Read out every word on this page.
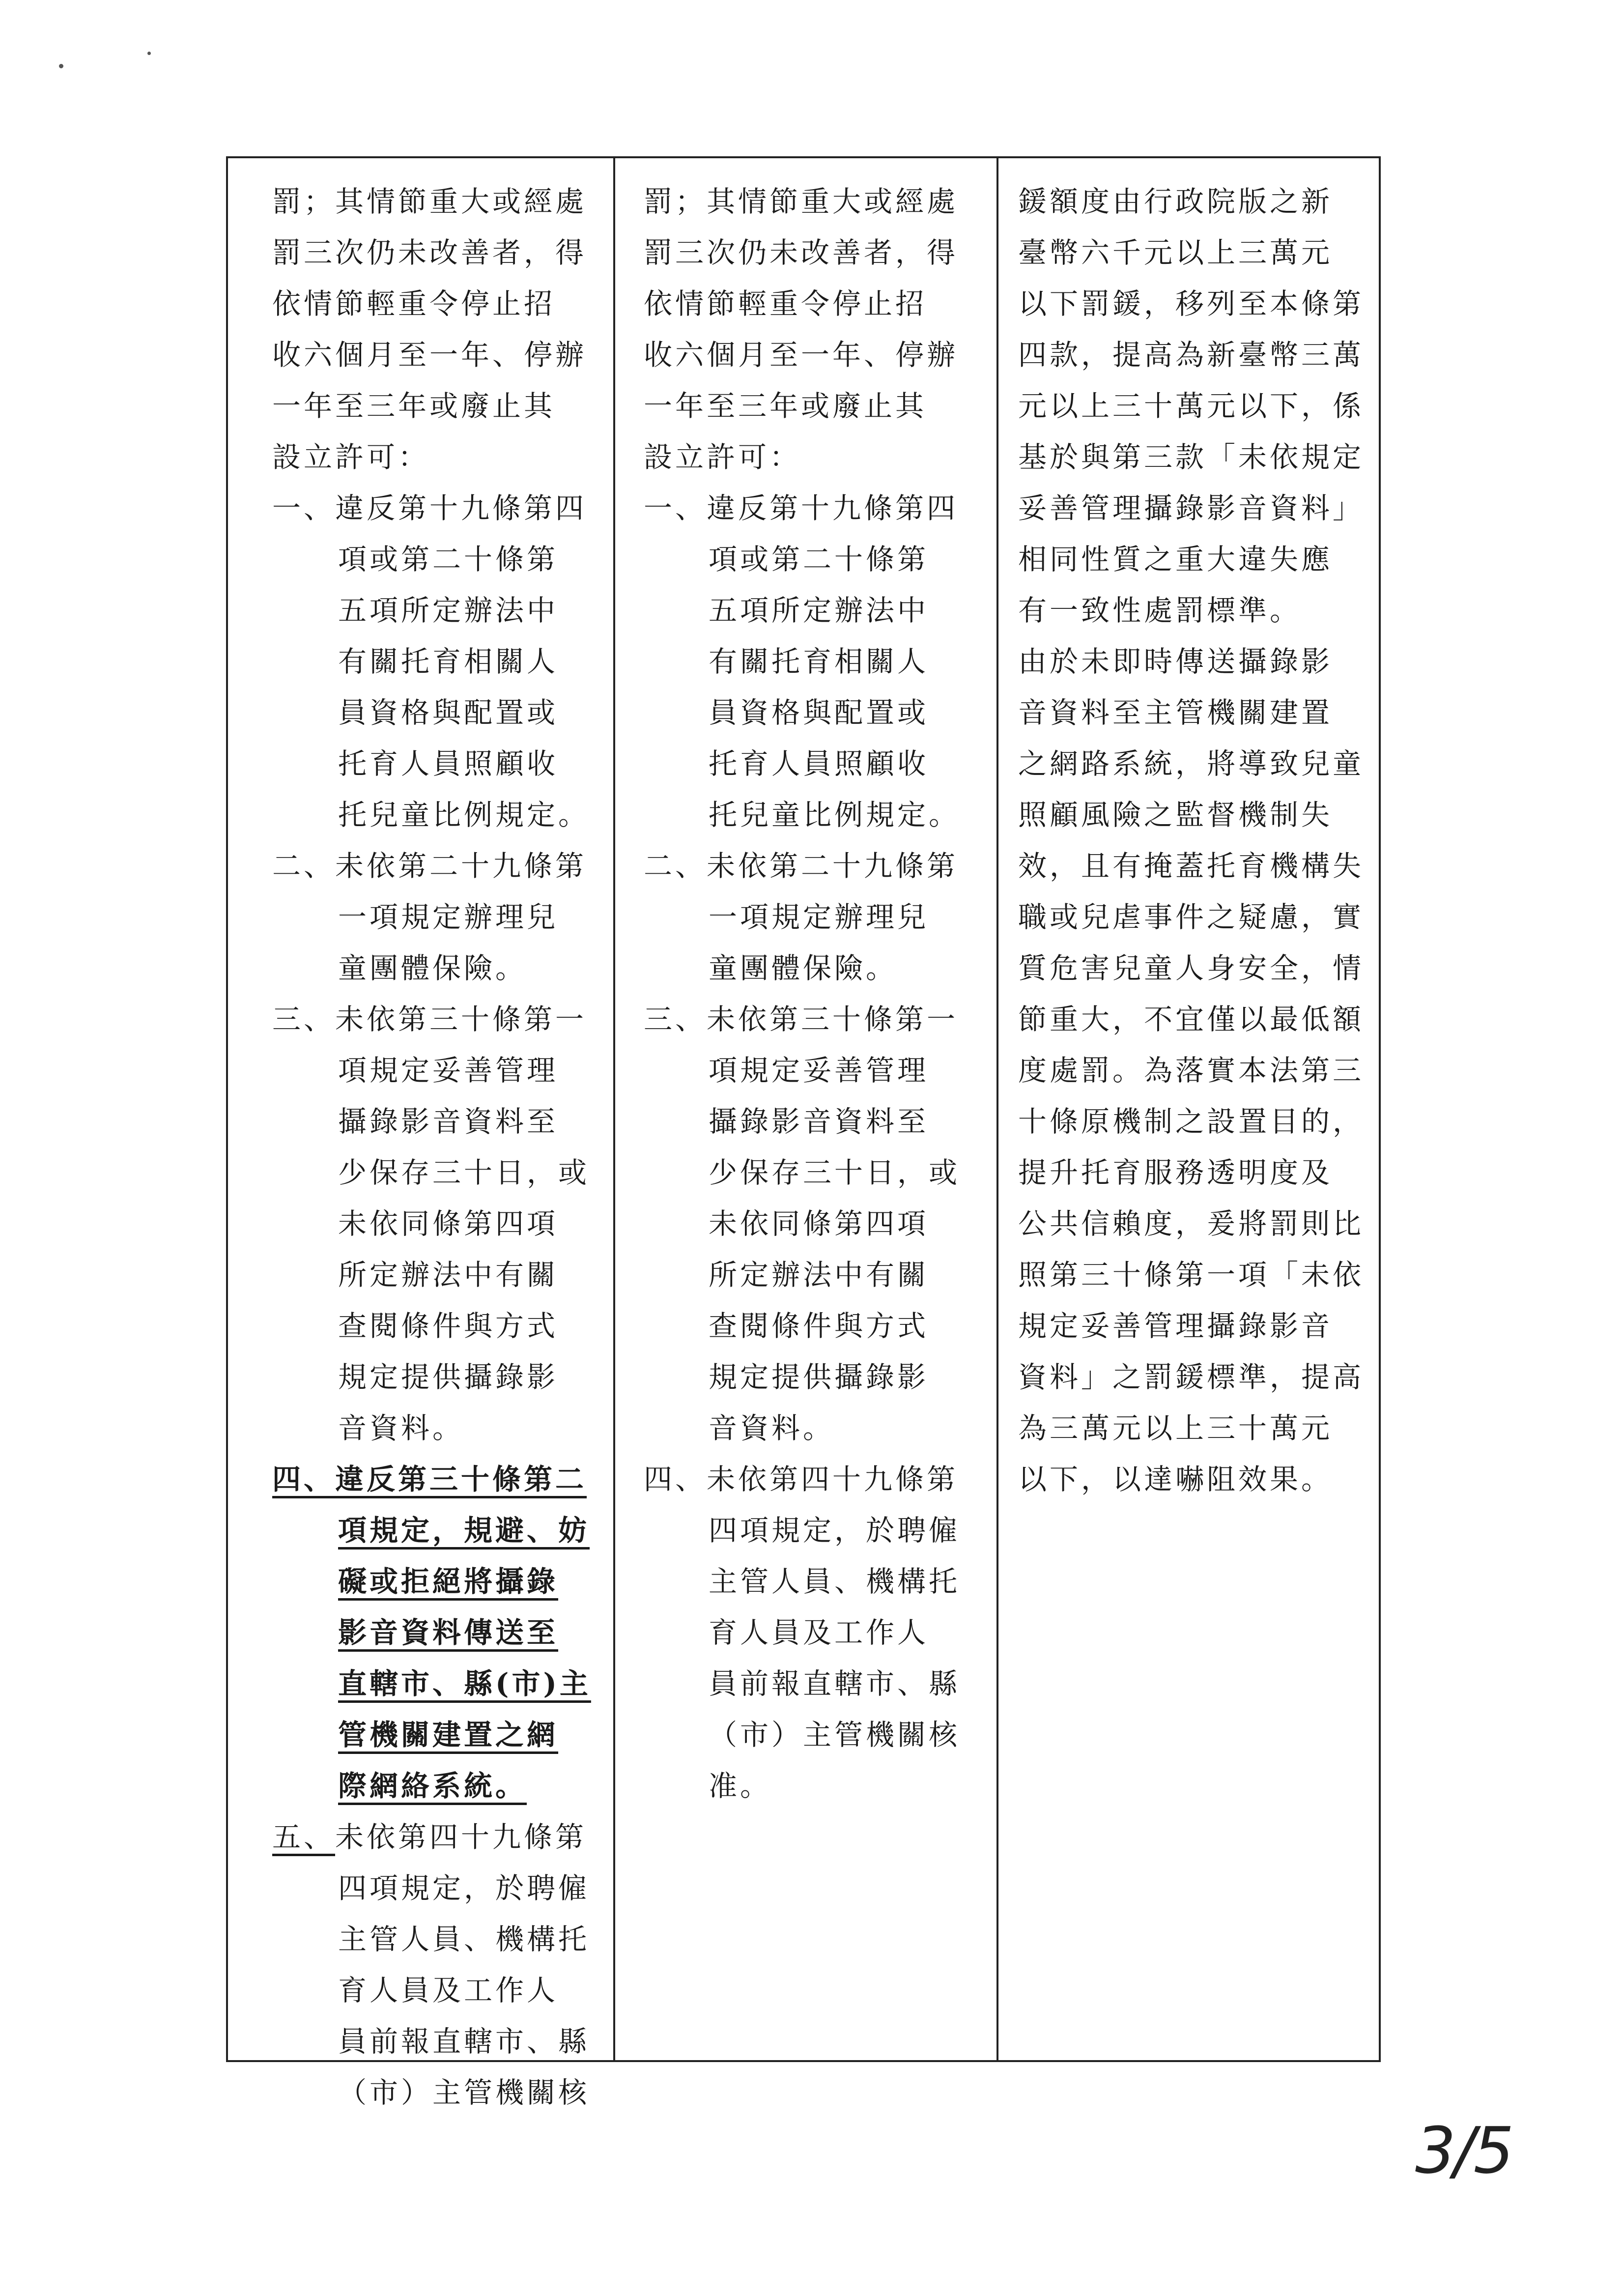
罰；其情節重大或經處
罰三次仍未改善者，得
依情節輕重令停止招
收六個月至一年、停辦
一年至三年或廢止其
設立許可：
一、違反第十九條第四
項或第二十條第
五項所定辦法中
有關托育相關人
員資格與配置或
托育人員照顧收
托兒童比例規定。
二、未依第二十九條第
一項規定辦理兒
童團體保險。
三、未依第三十條第一
項規定妥善管理
攝錄影音資料至
少保存三十日，或
未依同條第四項
所定辦法中有關
查閱條件與方式
規定提供攝錄影
音資料。
四、違反第三十條第二
項規定，規避、妨
礙或拒絕將攝錄
影音資料傳送至
直轄市、縣(市)主
管機關建置之網
際網絡系統。
五、未依第四十九條第
四項規定，於聘僱
主管人員、機構托
育人員及工作人
員前報直轄市、縣
（市）主管機關核
罰；其情節重大或經處
罰三次仍未改善者，得
依情節輕重令停止招
收六個月至一年、停辦
一年至三年或廢止其
設立許可：
一、違反第十九條第四
項或第二十條第
五項所定辦法中
有關托育相關人
員資格與配置或
托育人員照顧收
托兒童比例規定。
二、未依第二十九條第
一項規定辦理兒
童團體保險。
三、未依第三十條第一
項規定妥善管理
攝錄影音資料至
少保存三十日，或
未依同條第四項
所定辦法中有關
查閱條件與方式
規定提供攝錄影
音資料。
四、未依第四十九條第
四項規定，於聘僱
主管人員、機構托
育人員及工作人
員前報直轄市、縣
（市）主管機關核
准。
鍰額度由行政院版之新
臺幣六千元以上三萬元
以下罰鍰，移列至本條第
四款，提高為新臺幣三萬
元以上三十萬元以下，係
基於與第三款「未依規定
妥善管理攝錄影音資料」
相同性質之重大違失應
有一致性處罰標準。
由於未即時傳送攝錄影
音資料至主管機關建置
之網路系統，將導致兒童
照顧風險之監督機制失
效，且有掩蓋托育機構失
職或兒虐事件之疑慮，實
質危害兒童人身安全，情
節重大，不宜僅以最低額
度處罰。為落實本法第三
十條原機制之設置目的，
提升托育服務透明度及
公共信賴度，爰將罰則比
照第三十條第一項「未依
規定妥善管理攝錄影音
資料」之罰鍰標準，提高
為三萬元以上三十萬元
以下，以達嚇阻效果。
3/5
